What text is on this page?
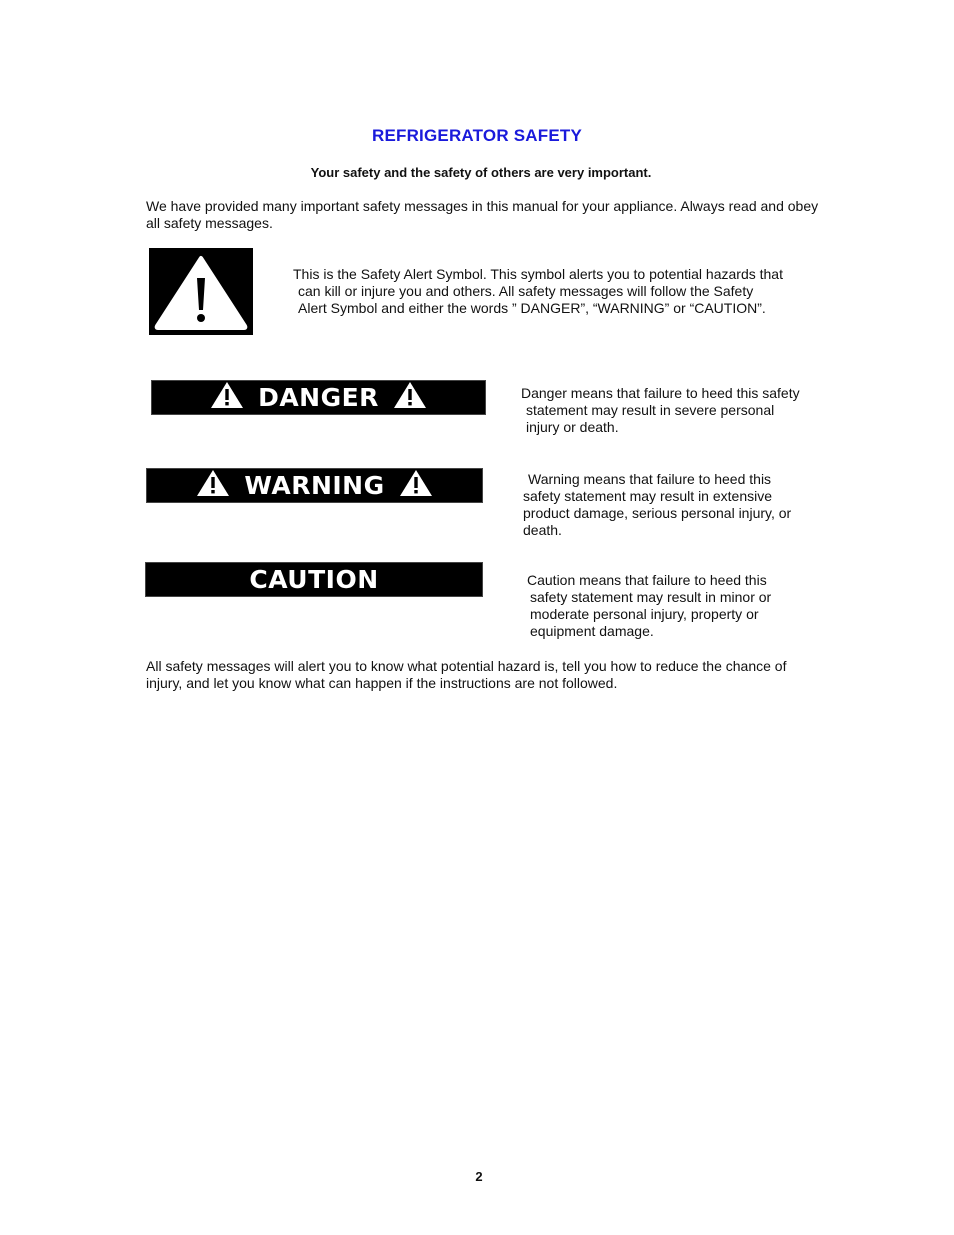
REFRIGERATOR SAFETY
Your safety and the safety of others are very important.
We have provided many important safety messages in this manual for your appliance. Always read and obey all safety messages.
This is the Safety Alert Symbol. This symbol alerts you to potential hazards that
can kill or injure you and others. All safety messages will follow the Safety
Alert Symbol and either the words ” DANGER”, “WARNING” or “CAUTION”.
DANGER	Danger means that failure to heed this safety
statement may result in severe personal
injury or death.
WARNING	Warning means that failure to heed this
safety statement may result in extensive
product damage, serious personal injury, or
death.
CAUTION	Caution means that failure to heed this
safety statement may result in minor or
moderate personal injury, property or
equipment damage.
All safety messages will alert you to know what potential hazard is, tell you how to reduce the chance of injury, and let you know what can happen if the instructions are not followed.
2
